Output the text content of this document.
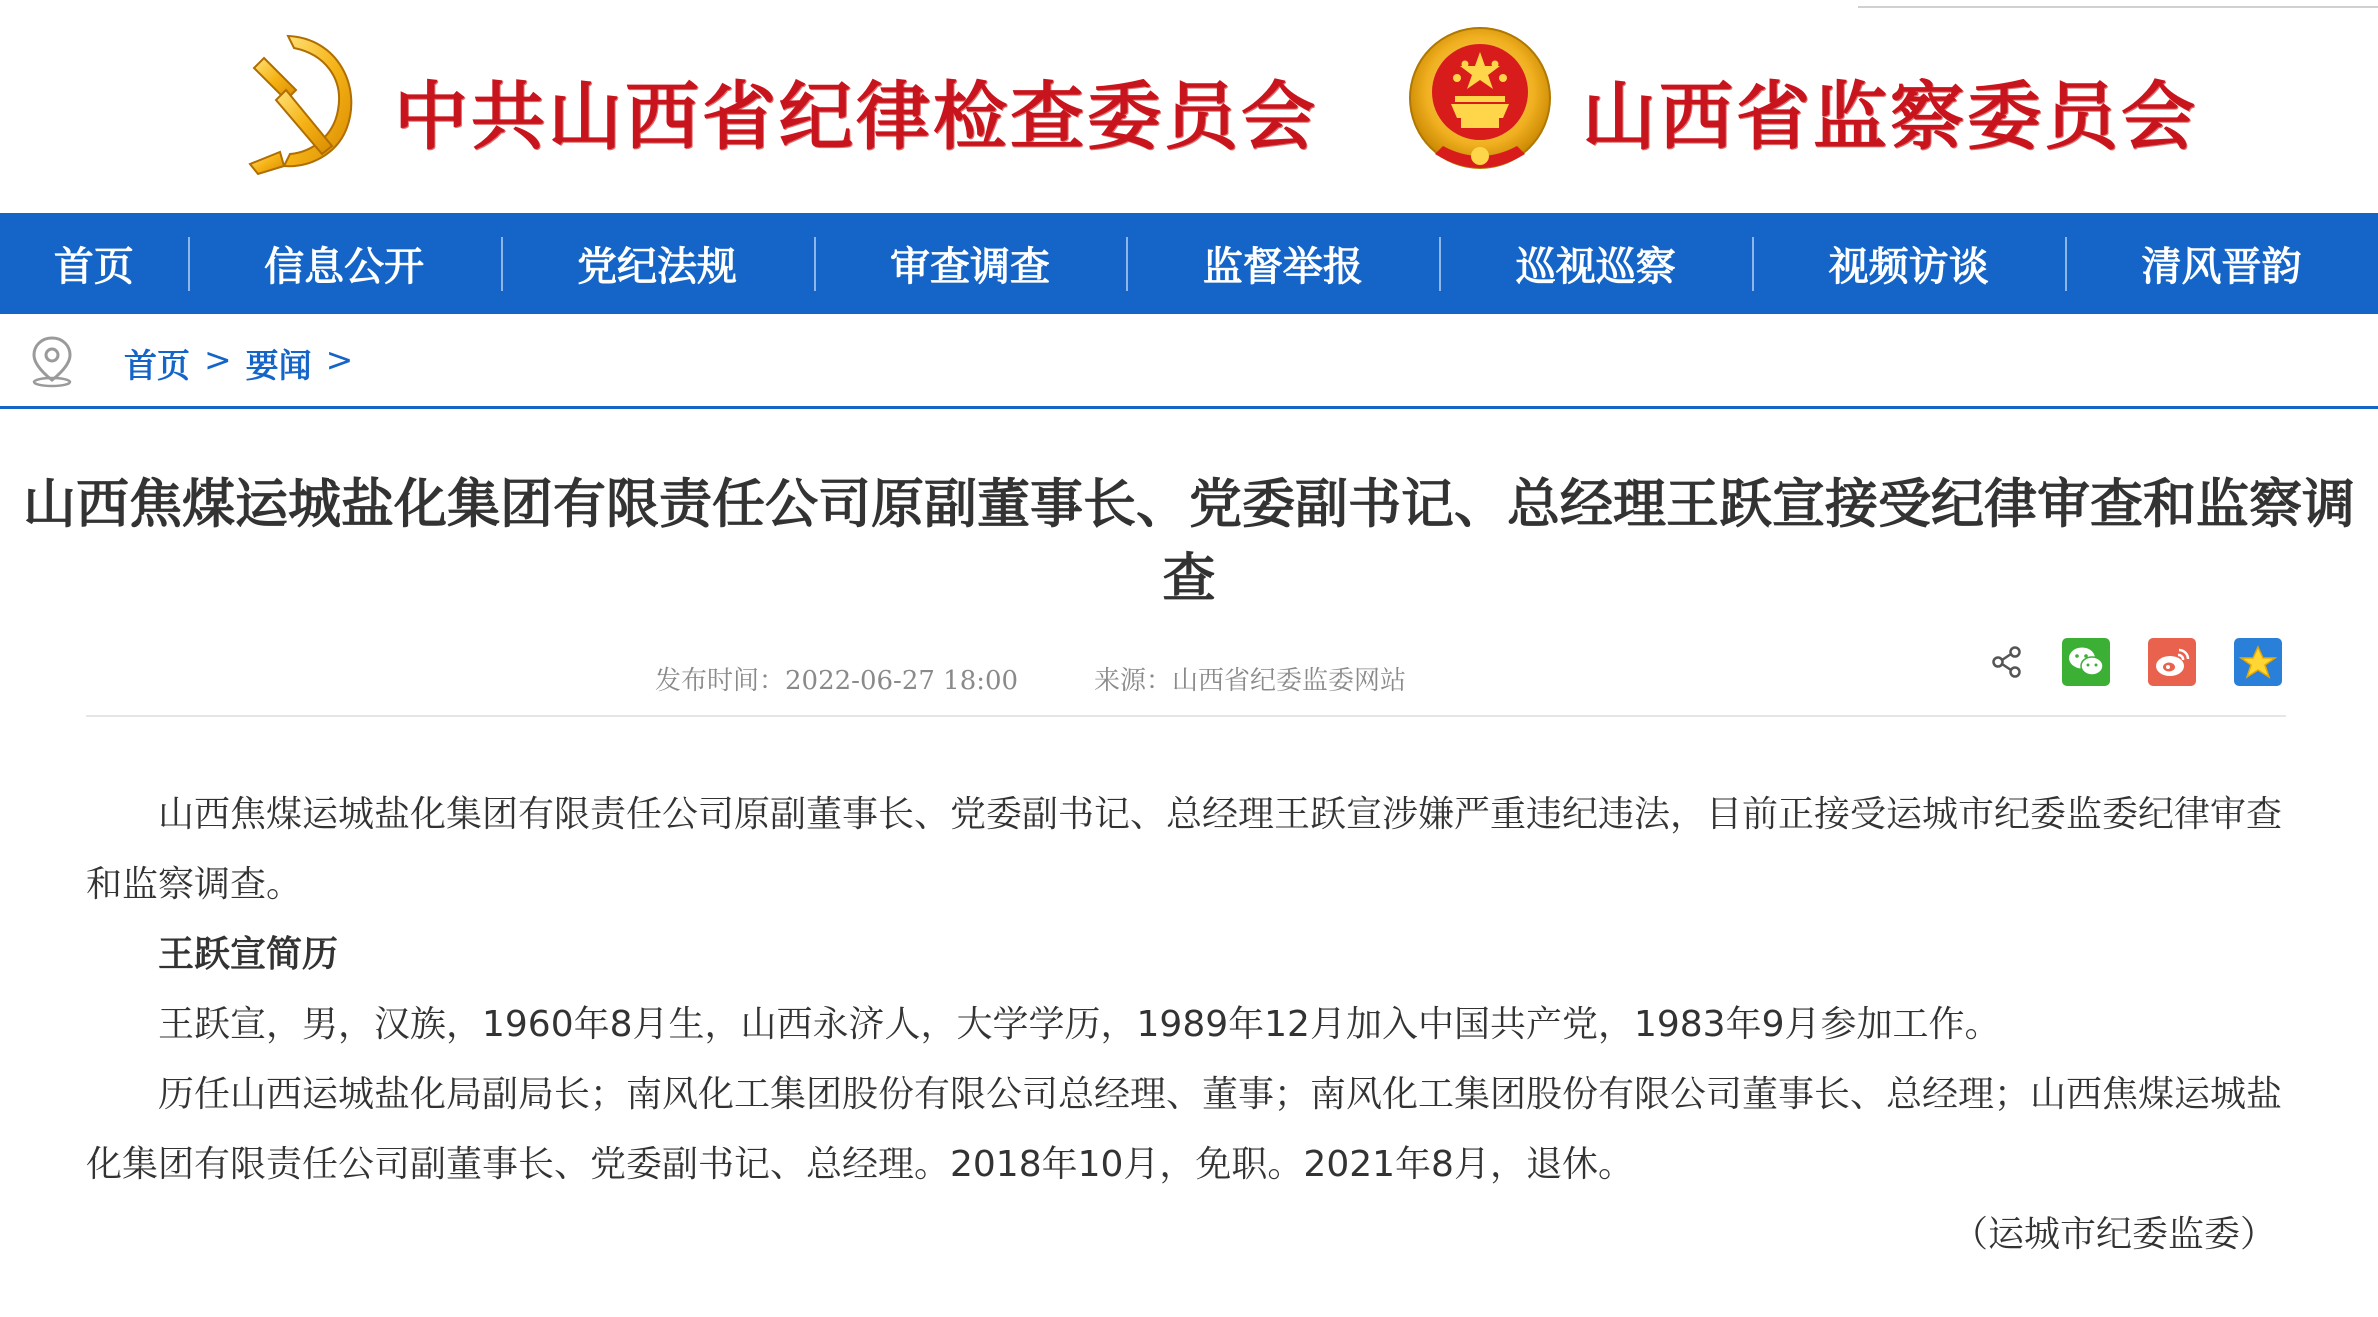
中共山西省纪律检查委员会	山西省监察委员会
首页	信息公开	党纪法规	审查调查	监督举报	巡视巡察	视频访谈	清风晋韵
首页 > 要闻 >
山西焦煤运城盐化集团有限责任公司原副董事长、党委副书记、总经理王跃宣接受纪律审查和监察调查
发布时间：2022-06-27 18:00	来源：山西省纪委监委网站

山西焦煤运城盐化集团有限责任公司原副董事长、党委副书记、总经理王跃宣涉嫌严重违纪违法，目前正接受运城市纪委监委纪律审查和监察调查。

王跃宣简历

王跃宣，男，汉族，1960年8月生，山西永济人，大学学历，1989年12月加入中国共产党，1983年9月参加工作。

历任山西运城盐化局副局长；南风化工集团股份有限公司总经理、董事；南风化工集团股份有限公司董事长、总经理；山西焦煤运城盐化集团有限责任公司副董事长、党委副书记、总经理。2018年10月，免职。2021年8月，退休。

（运城市纪委监委）
